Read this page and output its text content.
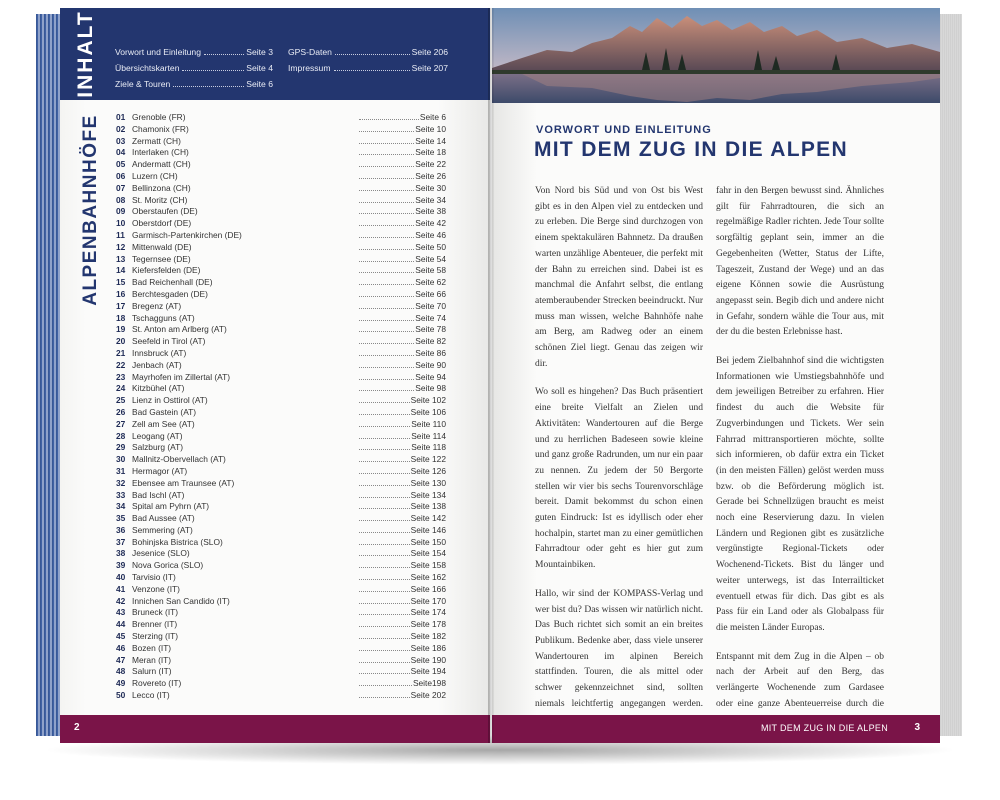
INHALT Vorwort und Einleitung	Seite 3
Übersichtskarten	Seite 4
Ziele & Touren	Seite 6
GPS-Daten	Seite 206
Impressum	Seite 207
ALPENBAHNHÖFE 01 Grenoble (FR)	Seite 6
02 Chamonix (FR)	Seite 10
03 Zermatt (CH)	Seite 14
04 Interlaken (CH)	Seite 18
05 Andermatt (CH)	Seite 22
06 Luzern (CH)	Seite 26
07 Bellinzona (CH)	Seite 30
08 St. Moritz (CH)	Seite 34
09 Oberstaufen (DE)	Seite 38
10 Oberstdorf (DE)	Seite 42
11 Garmisch-Partenkirchen (DE)	Seite 46
12 Mittenwald (DE)	Seite 50
13 Tegernsee (DE)	Seite 54
14 Kiefersfelden (DE)	Seite 58
15 Bad Reichenhall (DE)	Seite 62
16 Berchtesgaden (DE)	Seite 66
17 Bregenz (AT)	Seite 70
18 Tschagguns (AT)	Seite 74
19 St. Anton am Arlberg (AT)	Seite 78
20 Seefeld in Tirol (AT)	Seite 82
21 Innsbruck (AT)	Seite 86
22 Jenbach (AT)	Seite 90
23 Mayrhofen im Zillertal (AT)	Seite 94
24 Kitzbühel (AT)	Seite 98
25 Lienz in Osttirol (AT)	Seite 102
26 Bad Gastein (AT)	Seite 106
27 Zell am See (AT)	Seite 110
28 Leogang (AT)	Seite 114
29 Salzburg (AT)	Seite 118
30 Mallnitz-Obervellach (AT)	Seite 122
31 Hermagor (AT)	Seite 126
32 Ebensee am Traunsee (AT)	Seite 130
33 Bad Ischl (AT)	Seite 134
34 Spital am Pyhrn (AT)	Seite 138
35 Bad Aussee (AT)	Seite 142
36 Semmering (AT)	Seite 146
37 Bohinjska Bistrica (SLO)	Seite 150
38 Jesenice (SLO)	Seite 154
39 Nova Gorica (SLO)	Seite 158
40 Tarvisio (IT)	Seite 162
41 Venzone (IT)	Seite 166
42 Innichen San Candido (IT)	Seite 170
43 Bruneck (IT)	Seite 174
44 Brenner (IT)	Seite 178
45 Sterzing (IT)	Seite 182
46 Bozen (IT)	Seite 186
47 Meran (IT)	Seite 190
48 Salurn (IT)	Seite 194
49 Rovereto (IT)	Seite198
50 Lecco (IT)	Seite 202
2
VORWORT UND EINLEITUNG
MIT DEM ZUG IN DIE ALPEN

Von Nord bis Süd und von Ost bis West gibt es in den Alpen viel zu entdecken und zu erleben. Die Berge sind durchzogen von einem spektakulären Bahnnetz. Da draußen warten unzählige Abenteuer, die perfekt mit der Bahn zu erreichen sind. Dabei ist es manchmal die Anfahrt selbst, die entlang atemberaubender Strecken beeindruckt. Nur muss man wissen, welche Bahnhöfe nahe am Berg, am Radweg oder an einem schönen Ziel liegt. Genau das zeigen wir dir.

Wo soll es hingehen? Das Buch präsentiert eine breite Vielfalt an Zielen und Aktivitäten: Wandertouren auf die Berge und zu herrlichen Badeseen sowie kleine und ganz große Radrunden, um nur ein paar zu nennen. Zu jedem der 50 Bergorte stellen wir vier bis sechs Tourenvorschläge bereit. Damit bekommst du schon einen guten Eindruck: Ist es idyllisch oder eher hochalpin, startet man zu einer gemütlichen Fahrradtour oder geht es hier gut zum Mountainbiken.

Hallo, wir sind der KOMPASS-Verlag und wer bist du? Das wissen wir natürlich nicht. Das Buch richtet sich somit an ein breites Publikum. Bedenke aber, dass viele unserer Wandertouren im alpinen Bereich stattfinden. Touren, die als mittel oder schwer gekennzeichnet sind, sollten niemals leichtfertig angegangen werden.

fahr in den Bergen bewusst sind. Ähnliches gilt für Fahrradtouren, die sich an regelmäßige Radler richten. Jede Tour sollte sorgfältig geplant sein, immer an die Gegebenheiten (Wetter, Status der Lifte, Tageszeit, Zustand der Wege) und an das eigene Können sowie die Ausrüstung angepasst sein. Begib dich und andere nicht in Gefahr, sondern wähle die Tour aus, mit der du die besten Erlebnisse hast.

Bei jedem Zielbahnhof sind die wichtigsten Informationen wie Umstiegsbahnhöfe und dem jeweiligen Betreiber zu erfahren. Hier findest du auch die Website für Zugverbindungen und Tickets. Wer sein Fahrrad mittransportieren möchte, sollte sich informieren, ob dafür extra ein Ticket (in den meisten Fällen) gelöst werden muss bzw. ob die Beförderung möglich ist. Gerade bei Schnellzügen braucht es meist noch eine Reservierung dazu. In vielen Ländern und Regionen gibt es zusätzliche vergünstigte Regional-Tickets oder Wochenend-Tickets. Bist du länger und weiter unterwegs, ist das Interrailticket eventuell etwas für dich. Das gibt es als Pass für ein Land oder als Globalpass für die meisten Länder Europas.

Entspannt mit dem Zug in die Alpen – ob nach der Arbeit auf den Berg, das verlängerte Wochenende zum Gardasee oder eine ganze Abenteuerreise durch die

MIT DEM ZUG IN DIE ALPEN	3
